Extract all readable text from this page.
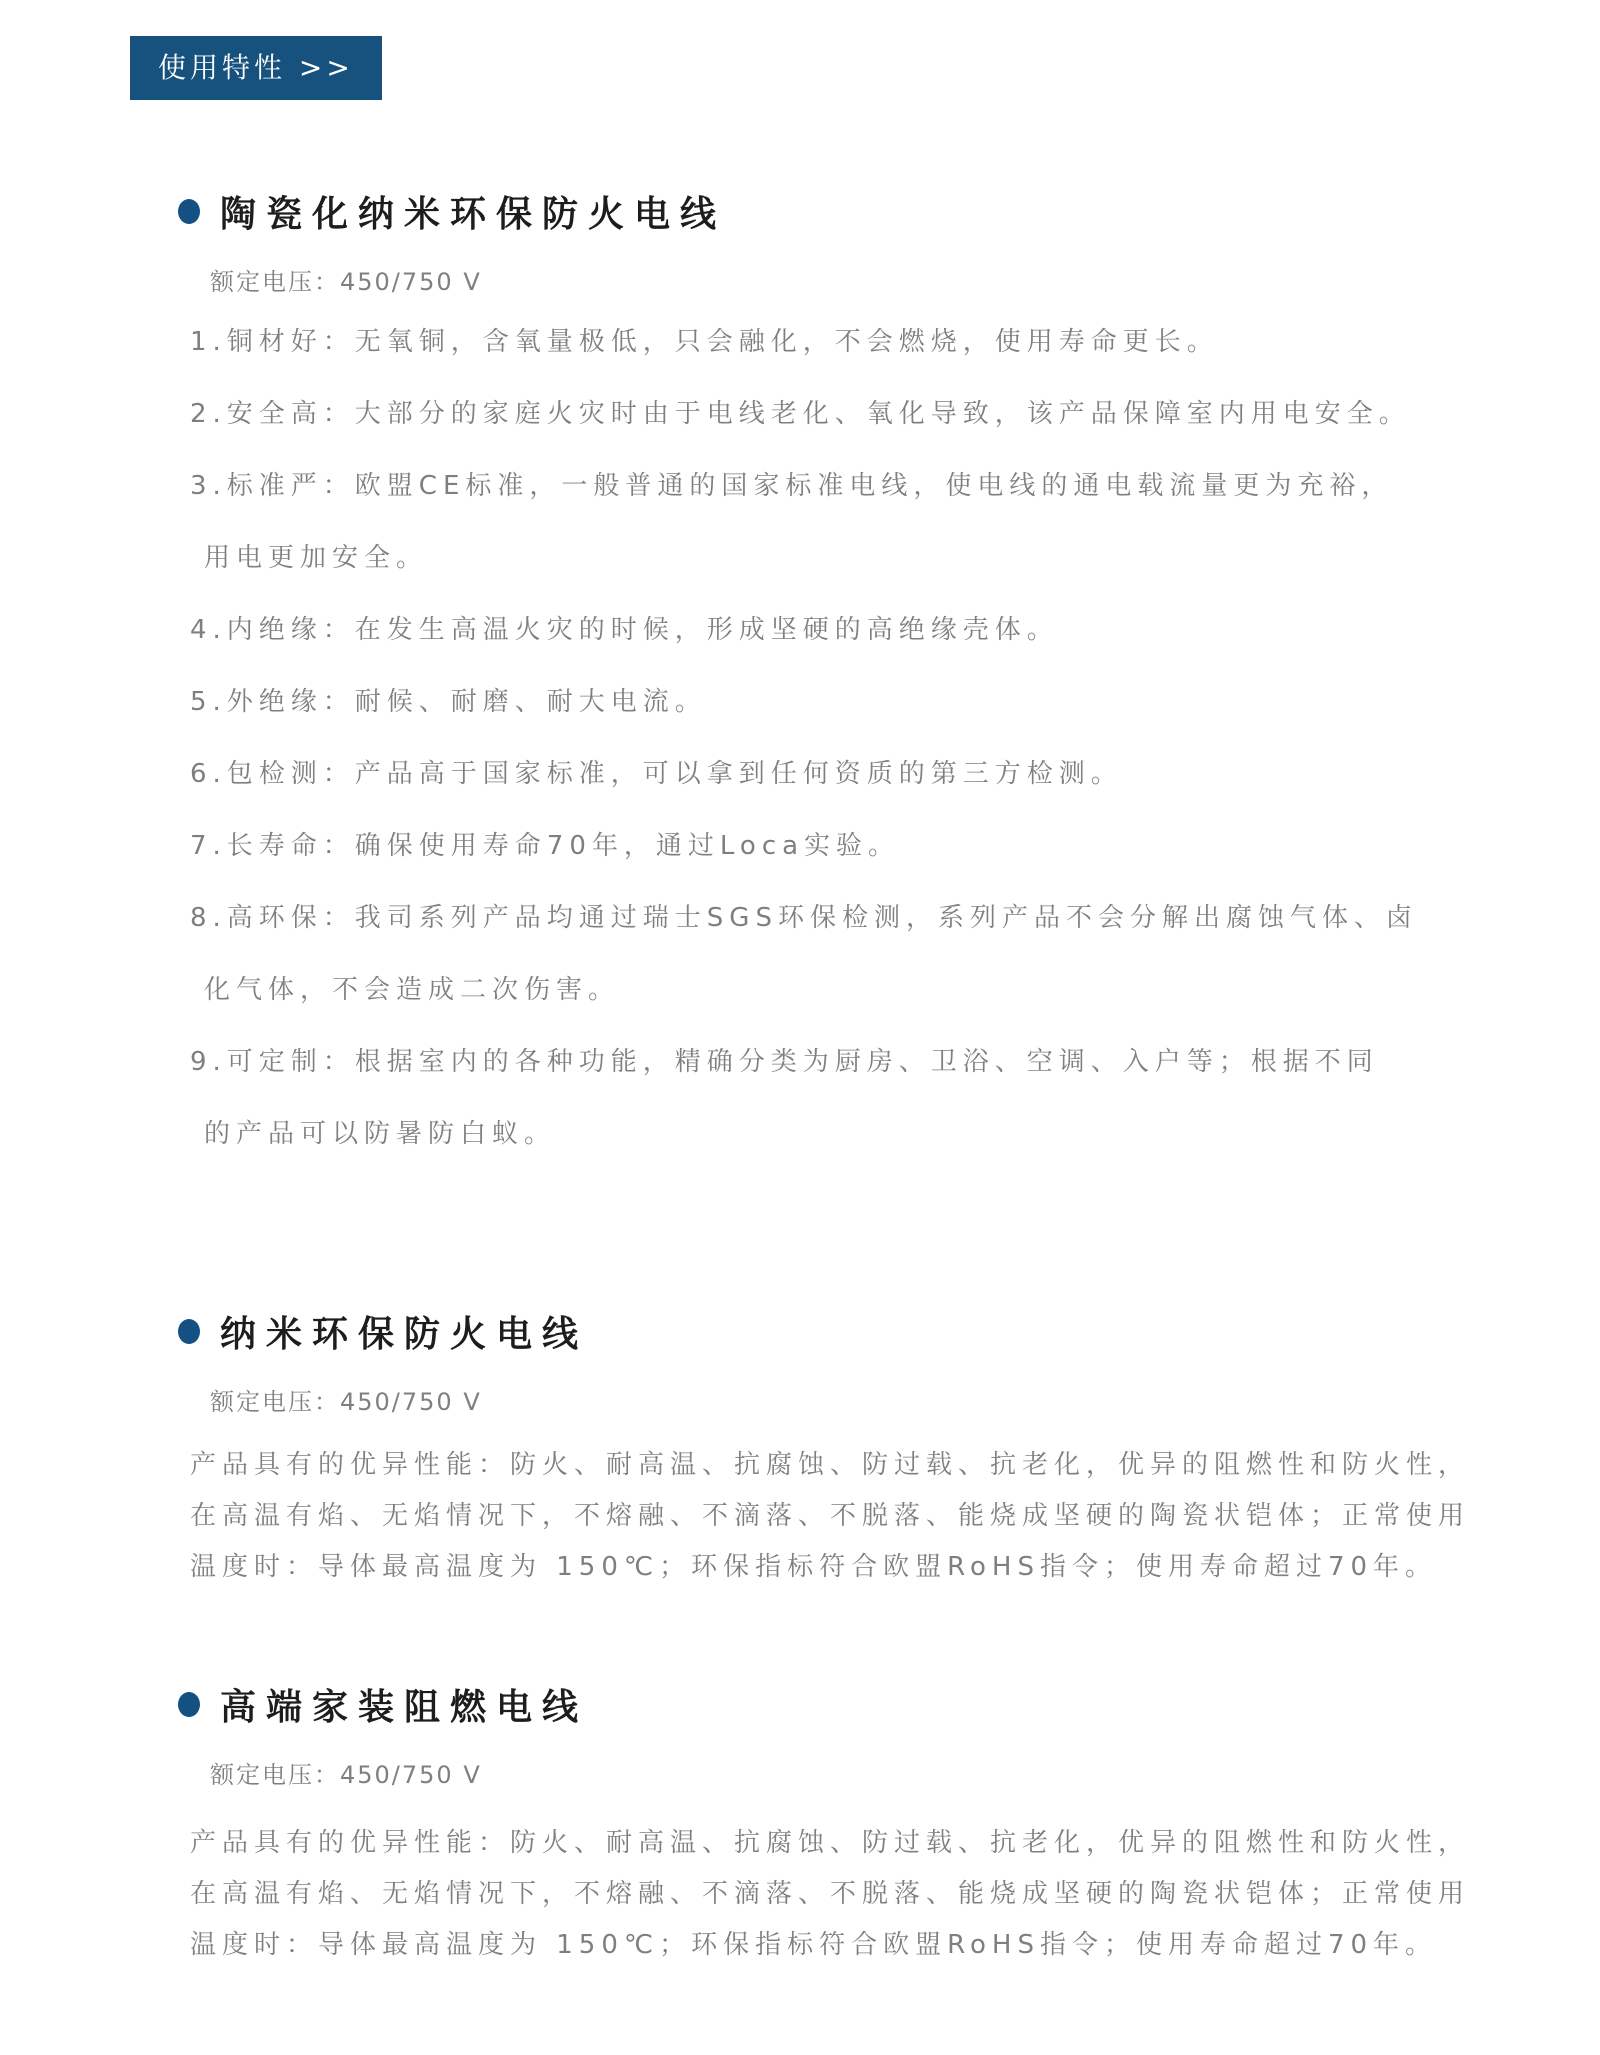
使用特性 >>
陶瓷化纳米环保防火电线
额定电压：450/750 V
1.铜材好：无氧铜，含氧量极低，只会融化，不会燃烧，使用寿命更长。
2.安全高：大部分的家庭火灾时由于电线老化、氧化导致，该产品保障室内用电安全。
3.标准严：欧盟CE标准，一般普通的国家标准电线，使电线的通电载流量更为充裕，
用电更加安全。
4.内绝缘：在发生高温火灾的时候，形成坚硬的高绝缘壳体。
5.外绝缘：耐候、耐磨、耐大电流。
6.包检测：产品高于国家标准，可以拿到任何资质的第三方检测。
7.长寿命：确保使用寿命70年，通过Loca实验。
8.高环保：我司系列产品均通过瑞士SGS环保检测，系列产品不会分解出腐蚀气体、卤
化气体，不会造成二次伤害。
9.可定制：根据室内的各种功能，精确分类为厨房、卫浴、空调、入户等；根据不同
的产品可以防暑防白蚁。
纳米环保防火电线
额定电压：450/750 V
产品具有的优异性能：防火、耐高温、抗腐蚀、防过载、抗老化，优异的阻燃性和防火性，
在高温有焰、无焰情况下，不熔融、不滴落、不脱落、能烧成坚硬的陶瓷状铠体；正常使用
温度时：导体最高温度为 150℃；环保指标符合欧盟RoHS指令；使用寿命超过70年。
高端家装阻燃电线
额定电压：450/750 V
产品具有的优异性能：防火、耐高温、抗腐蚀、防过载、抗老化，优异的阻燃性和防火性，
在高温有焰、无焰情况下，不熔融、不滴落、不脱落、能烧成坚硬的陶瓷状铠体；正常使用
温度时：导体最高温度为 150℃；环保指标符合欧盟RoHS指令；使用寿命超过70年。
